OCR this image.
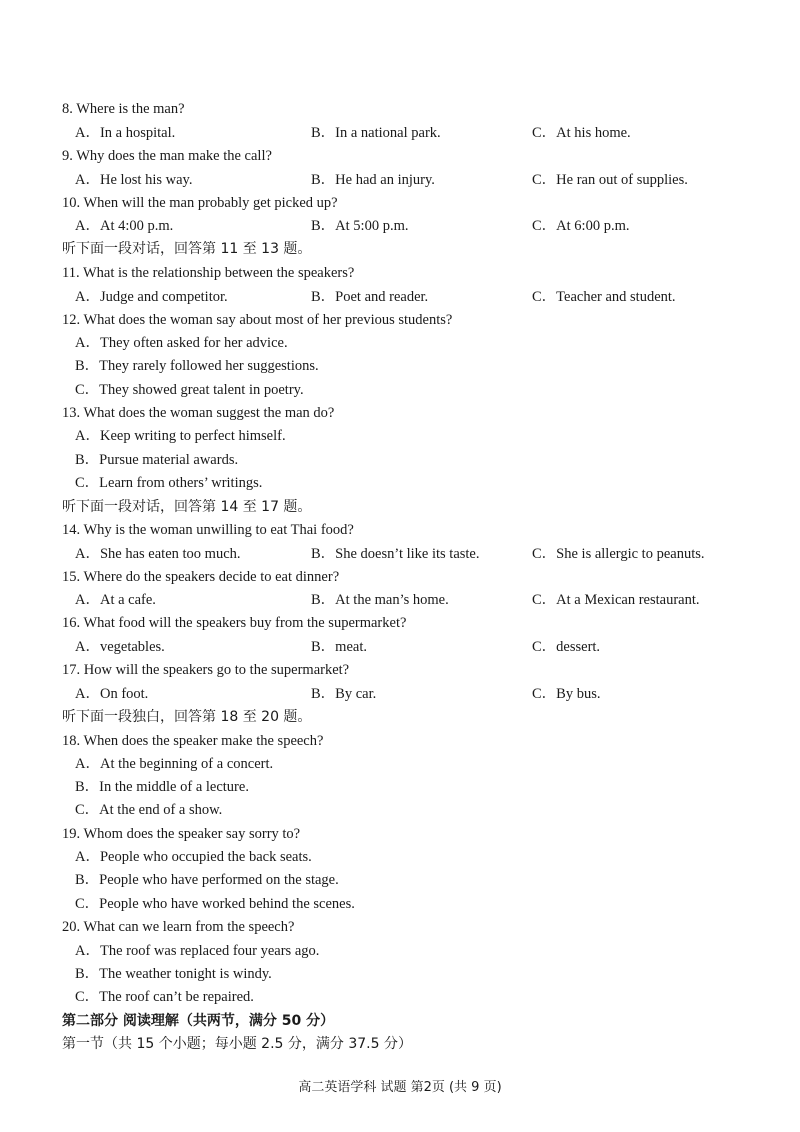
8. Where is the man?
A．In a hospital.	B．In a national park.	C．At his home.
9. Why does the man make the call?
A．He lost his way.	B．He had an injury.	C．He ran out of supplies.
10. When will the man probably get picked up?
A．At 4:00 p.m.	B．At 5:00 p.m.	C．At 6:00 p.m.
听下面一段对话，回答第 11 至 13 题。
11. What is the relationship between the speakers?
A．Judge and competitor.	B．Poet and reader.	C．Teacher and student.
12. What does the woman say about most of her previous students?
A．They often asked for her advice.
B．They rarely followed her suggestions.
C．They showed great talent in poetry.
13. What does the woman suggest the man do?
A．Keep writing to perfect himself.
B．Pursue material awards.
C．Learn from others’ writings.
听下面一段对话，回答第 14 至 17 题。
14. Why is the woman unwilling to eat Thai food?
A．She has eaten too much.	B．She doesn’t like its taste.	C．She is allergic to peanuts.
15. Where do the speakers decide to eat dinner?
A．At a cafe.	B．At the man’s home.	C．At a Mexican restaurant.
16. What food will the speakers buy from the supermarket?
A．vegetables.	B．meat.	C．dessert.
17. How will the speakers go to the supermarket?
A．On foot.	B．By car.	C．By bus.
听下面一段独白，回答第 18 至 20 题。
18. When does the speaker make the speech?
A．At the beginning of a concert.
B．In the middle of a lecture.
C．At the end of a show.
19. Whom does the speaker say sorry to?
A．People who occupied the back seats.
B．People who have performed on the stage.
C．People who have worked behind the scenes.
20. What can we learn from the speech?
A．The roof was replaced four years ago.
B．The weather tonight is windy.
C．The roof can’t be repaired.
第二部分 阅读理解（共两节，满分 50 分）
第一节（共 15 个小题；每小题 2.5 分，满分 37.5 分）
高二英语学科 试题 第2页 (共 9 页)
